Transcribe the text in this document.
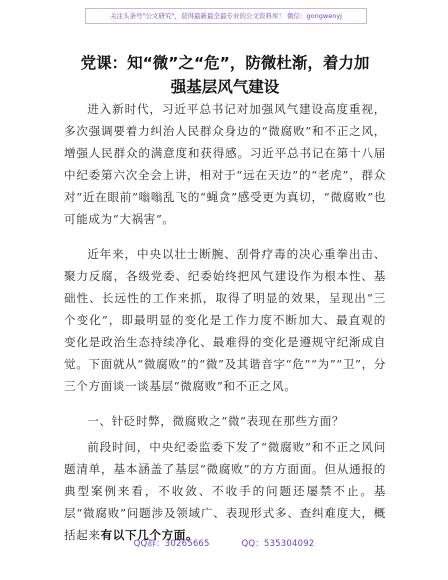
关注头条号"公文研究"，获得最新最全最专业的公文资料库！ 微信：gongwenyj
党课：知“微”之“危”，防微杜渐，着力加
强基层风气建设

进入新时代，习近平总书记对加强风气建设高度重视，多次强调要着力纠治人民群众身边的“微腐败”和不正之风，增强人民群众的满意度和获得感。习近平总书记在第十八届中纪委第六次全会上讲，相对于“远在天边”的“老虎”，群众对“近在眼前”嗡嗡乱飞的“蝇贪”感受更为真切，“微腐败”也可能成为“大祸害”。

近年来，中央以壮士断腕、刮骨疗毒的决心重拳出击、聚力反腐，各级党委、纪委始终把风气建设作为根本性、基础性、长远性的工作来抓，取得了明显的效果，呈现出“三个变化”，即最明显的变化是工作力度不断加大、最直观的变化是政治生态持续净化、最难得的变化是遵规守纪渐成自觉。下面就从“微腐败”的“微”及其谐音字“危”“为”“卫”，分三个方面谈一谈基层“微腐败”和不正之风。

一、针砭时弊，微腐败之“微”表现在那些方面？

前段时间，中央纪委监委下发了“微腐败”和不正之风问题清单，基本涵盖了基层“微腐败”的方方面面。但从通报的典型案例来看，不收敛、不收手的问题还屡禁不止。基层“微腐败”问题涉及领域广、表现形式多、查纠难度大，概括起来有以下几个方面。

QQ群：30265665	QQ：535304092
